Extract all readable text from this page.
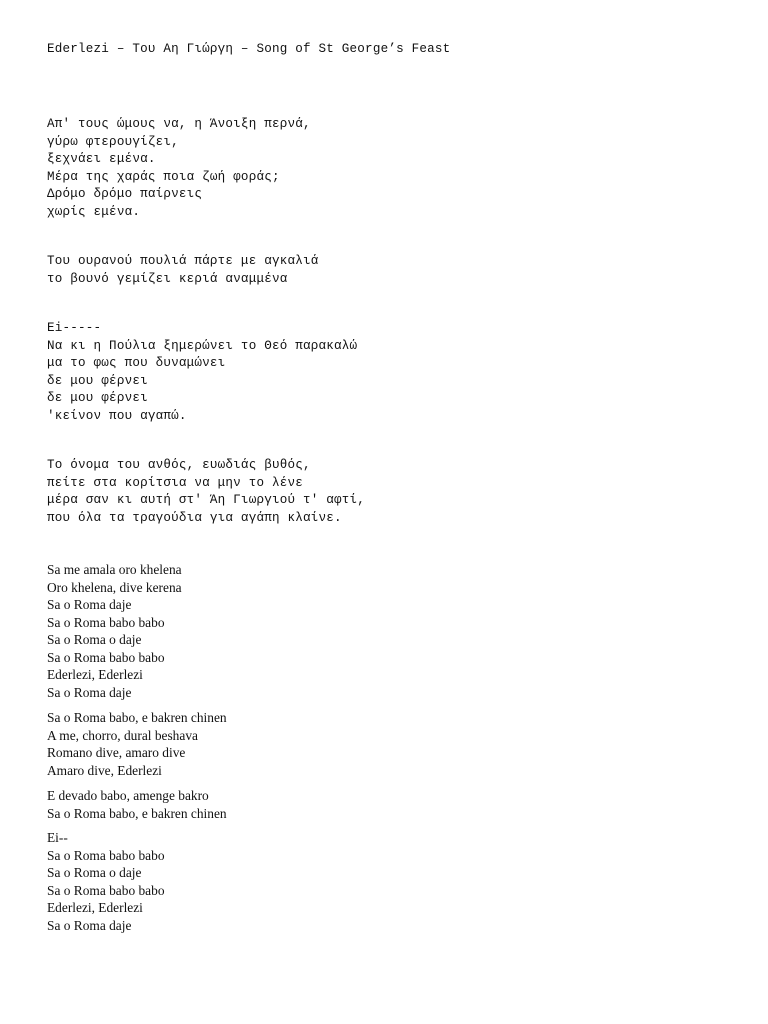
Ederlezi – Του Αη Γιώργη – Song of St George’s Feast
Απ' τους ώμους να, η Άνοιξη περνά,
γύρω φτερουγίζει,
ξεχνάει εμένα.
Μέρα της χαράς ποια ζωή φοράς;
Δρόμο δρόμο παίρνεις
χωρίς εμένα.
Του ουρανού πουλιά πάρτε με αγκαλιά
το βουνό γεμίζει κεριά αναμμένα
Ei-----
Να κι η Πούλια ξημερώνει το Θεό παρακαλώ
μα το φως που δυναμώνει
δε μου φέρνει
δε μου φέρνει
'κείνον που αγαπώ.
Το όνομα του ανθός, ευωδιάς βυθός,
πείτε στα κορίτσια να μην το λένε
μέρα σαν κι αυτή στ' Άη Γιωργιού τ' αφτί,
που όλα τα τραγούδια για αγάπη κλαίνε.
Sa me amala oro khelena
Oro khelena, dive kerena
Sa o Roma daje
Sa o Roma babo babo
Sa o Roma o daje
Sa o Roma babo babo
Ederlezi, Ederlezi
Sa o Roma daje
Sa o Roma babo, e bakren chinen
A me, chorro, dural beshava
Romano dive, amaro dive
Amaro dive, Ederlezi
E devado babo, amenge bakro
Sa o Roma babo, e bakren chinen
Ei--
Sa o Roma babo babo
Sa o Roma o daje
Sa o Roma babo babo
Ederlezi, Ederlezi
Sa o Roma daje
